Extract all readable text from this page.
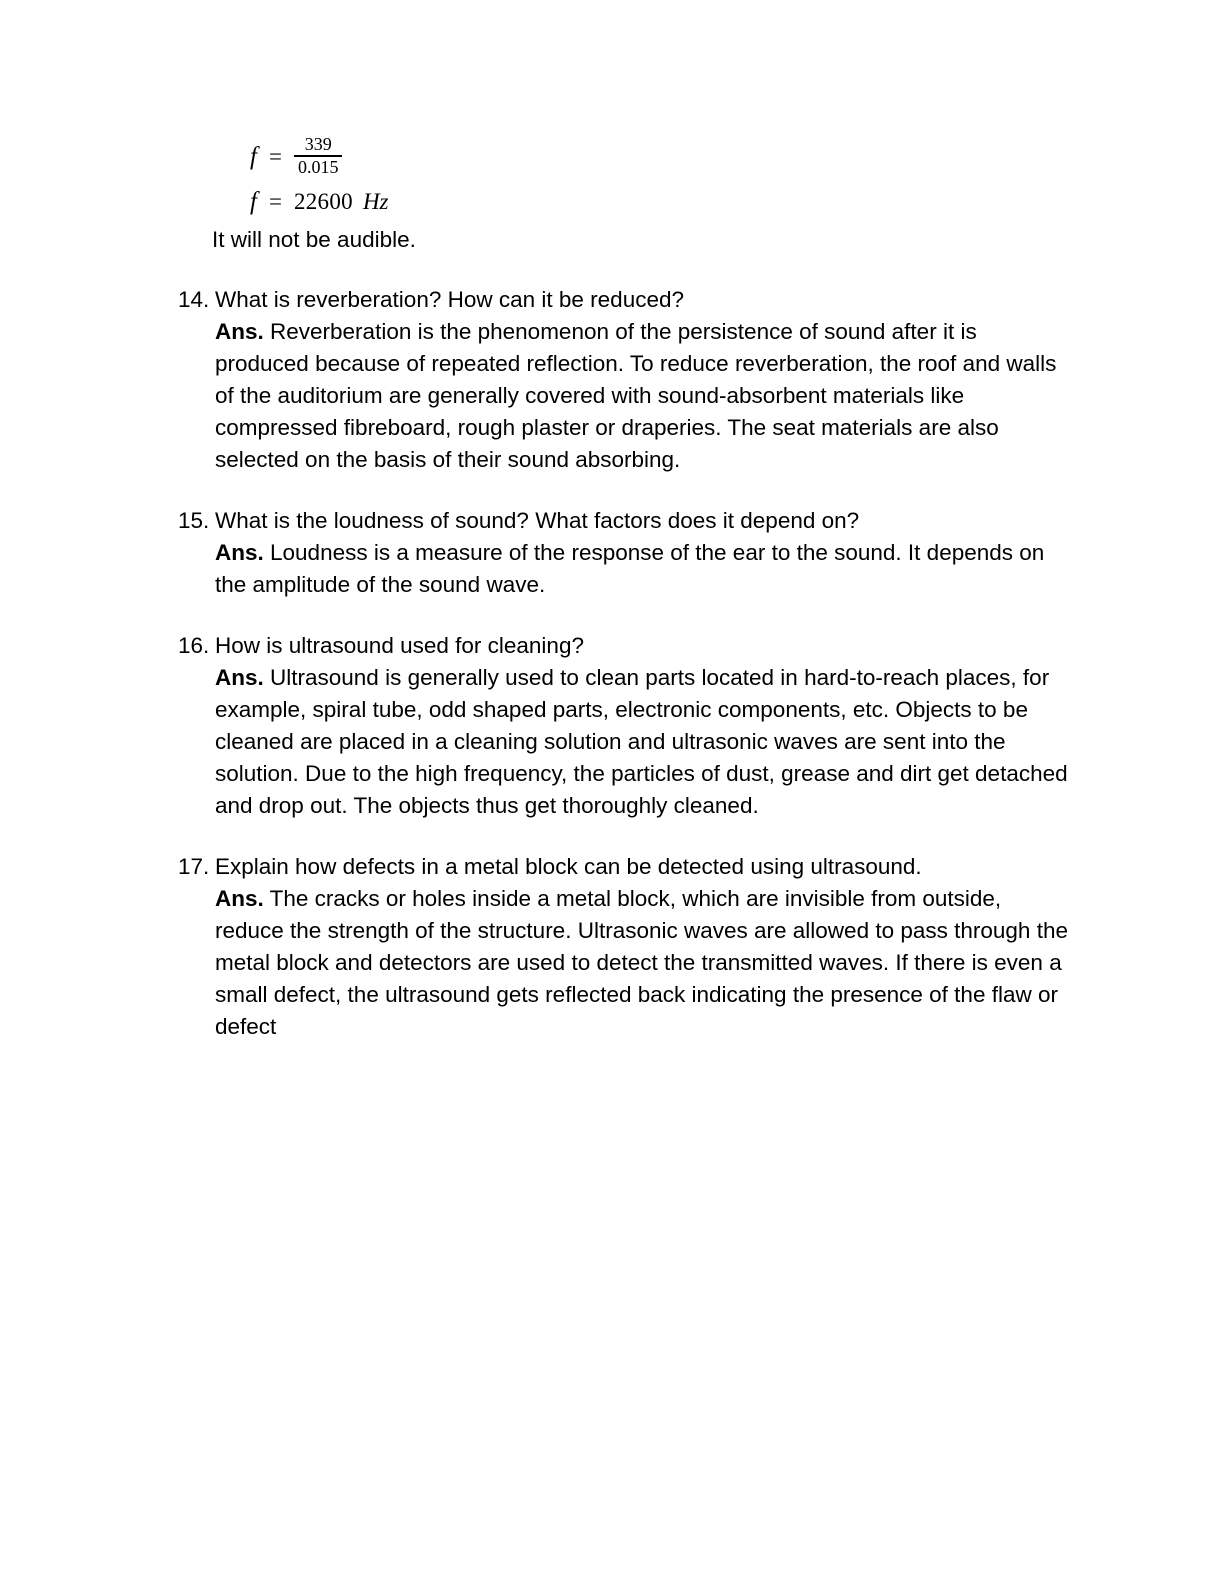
$f = \frac{339}{0.015}$
f = 22600 Hz
It will not be audible.
14. What is reverberation? How can it be reduced?

Ans. Reverberation is the phenomenon of the persistence of sound after it is produced because of repeated reflection. To reduce reverberation, the roof and walls of the auditorium are generally covered with sound-absorbent materials like compressed fibreboard, rough plaster or draperies. The seat materials are also selected on the basis of their sound absorbing.

15. What is the loudness of sound? What factors does it depend on?

Ans. Loudness is a measure of the response of the ear to the sound. It depends on the amplitude of the sound wave.

16. How is ultrasound used for cleaning?

Ans. Ultrasound is generally used to clean parts located in hard-to-reach places, for example, spiral tube, odd shaped parts, electronic components, etc. Objects to be cleaned are placed in a cleaning solution and ultrasonic waves are sent into the solution. Due to the high frequency, the particles of dust, grease and dirt get detached and drop out. The objects thus get thoroughly cleaned.

17. Explain how defects in a metal block can be detected using ultrasound.

Ans. The cracks or holes inside a metal block, which are invisible from outside, reduce the strength of the structure. Ultrasonic waves are allowed to pass through the metal block and detectors are used to detect the transmitted waves. If there is even a small defect, the ultrasound gets reflected back indicating the presence of the flaw or defect
